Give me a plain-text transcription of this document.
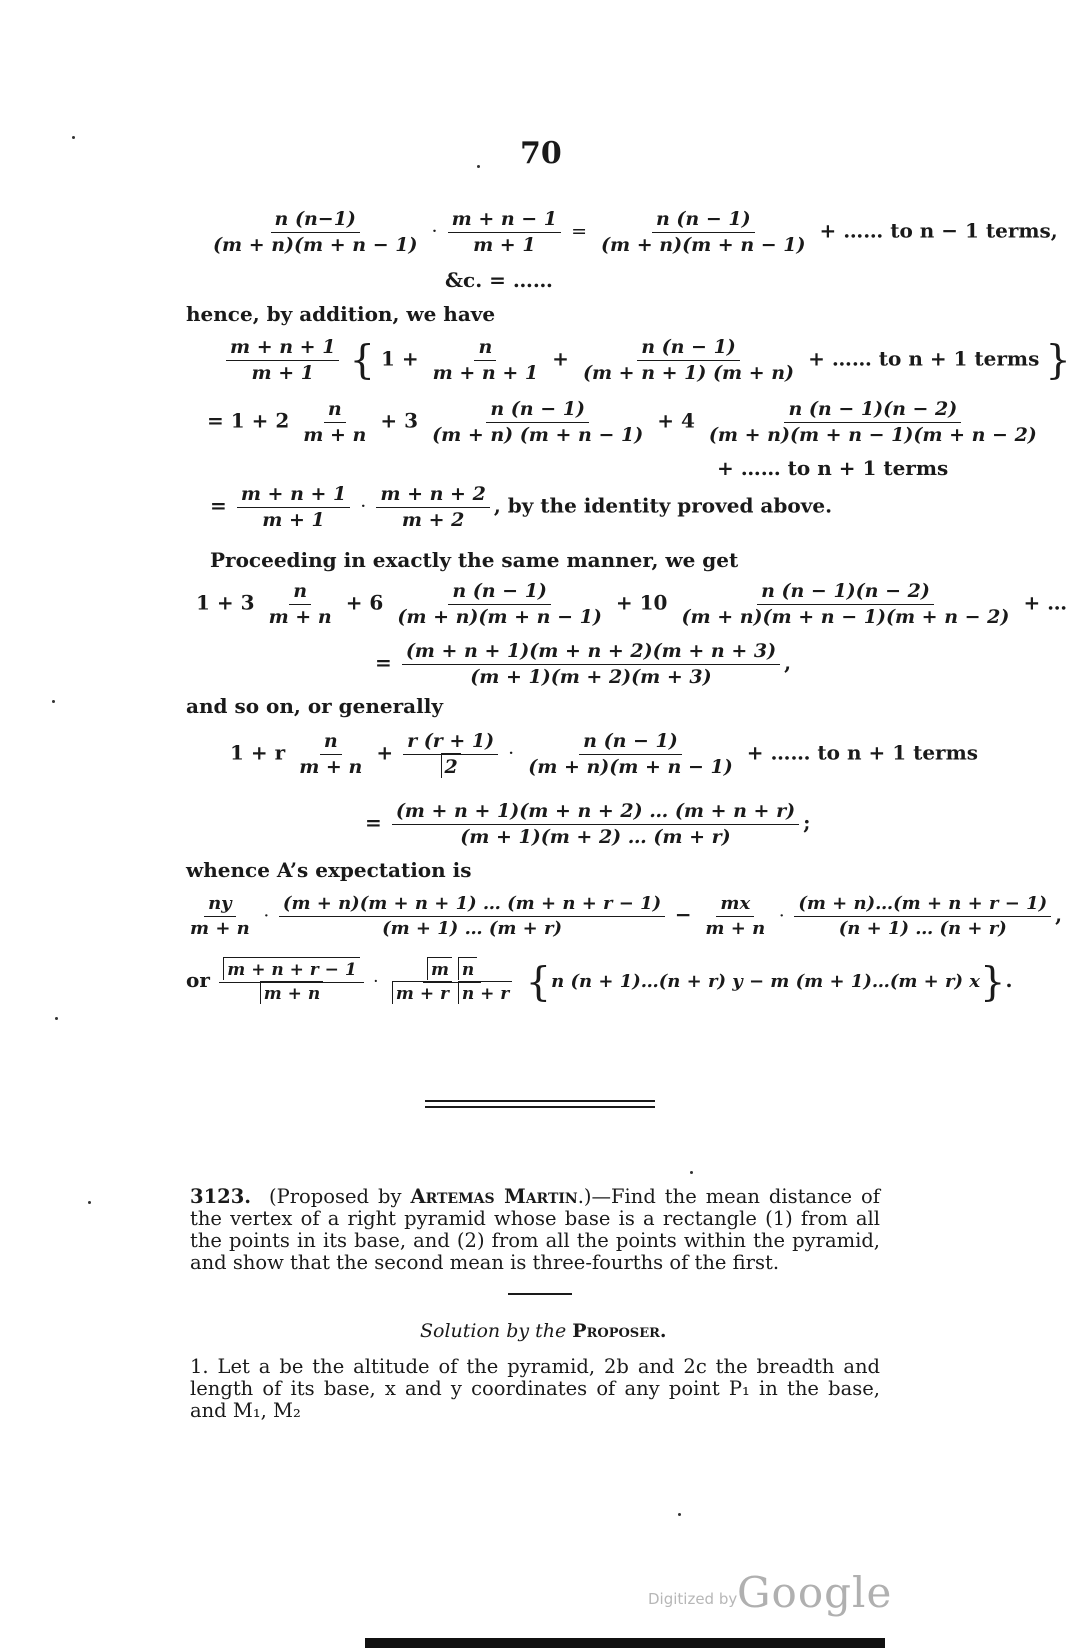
70
$\frac{n (n-1)}{(m + n)(m + n - 1)} \cdot \frac{m + n - 1}{m + 1} = \frac{n (n - 1)}{(m + n)(m + n - 1)}$ + …… to n − 1 terms,
&c. = ……
hence, by addition, we have
$\frac{m + n + 1}{m + 1}$ { $1 + \frac{n}{m + n + 1} + \frac{n (n - 1)}{(m + n + 1) (m + n)}$ + …… to n + 1 terms }
= $1 + 2 \frac{n}{m + n} + 3 \frac{n (n - 1)}{(m + n) (m + n - 1)} + 4 \frac{n (n - 1)(n - 2)}{(m + n)(m + n - 1)(m + n - 2)}$
+ …… to n + 1 terms
= $\frac{m + n + 1}{m + 1} \cdot \frac{m + n + 2}{m + 2}$ , by the identity proved above.
Proceeding in exactly the same manner, we get
$1 + 3 \frac{n}{m + n} + 6 \frac{n (n - 1)}{(m + n)(m + n - 1)} + 10 \frac{n (n - 1)(n - 2)}{(m + n)(m + n - 1)(m + n - 2)}$ + …
= $\frac{(m + n + 1)(m + n + 2)(m + n + 3)}{(m + 1)(m + 2)(m + 3)}$ ,
and so on, or generally
1 + r $\frac{n}{m + n} + \frac{r (r + 1)}{2} \cdot \frac{n (n - 1)}{(m + n)(m + n - 1)}$ + …… to n + 1 terms
= $\frac{(m + n + 1)(m + n + 2) \dots (m + n + r)}{(m + 1)(m + 2) \dots (m + r)}$ ;
whence A’s expectation is
$\frac{ny}{m + n} \cdot \frac{(m + n)(m + n + 1) \dots (m + n + r - 1)}{(m + 1) \dots (m + r)} - \frac{mx}{m + n} \cdot \frac{(m + n)\dots(m + n + r - 1)}{(n + 1) \dots (n + r)}$ ,
or $\frac{m + n + r - 1}{m + n} \cdot \frac{\text{m n}}{\text{m + r n + r}} \{n$ (n + 1)…(n + r) y − m (m + 1)…(m + r) x}.
3123. (Proposed by Artemas Martin.)—Find the mean distance of the vertex of a right pyramid whose base is a rectangle (1) from all the points in its base, and (2) from all the points within the pyramid, and show that the second mean is three-fourths of the first.
Solution by the Proposer.
1. Let a be the altitude of the pyramid, 2b and 2c the breadth and length of its base, x and y coordinates of any point P₁ in the base, and M₁, M₂
Digitized by Google
